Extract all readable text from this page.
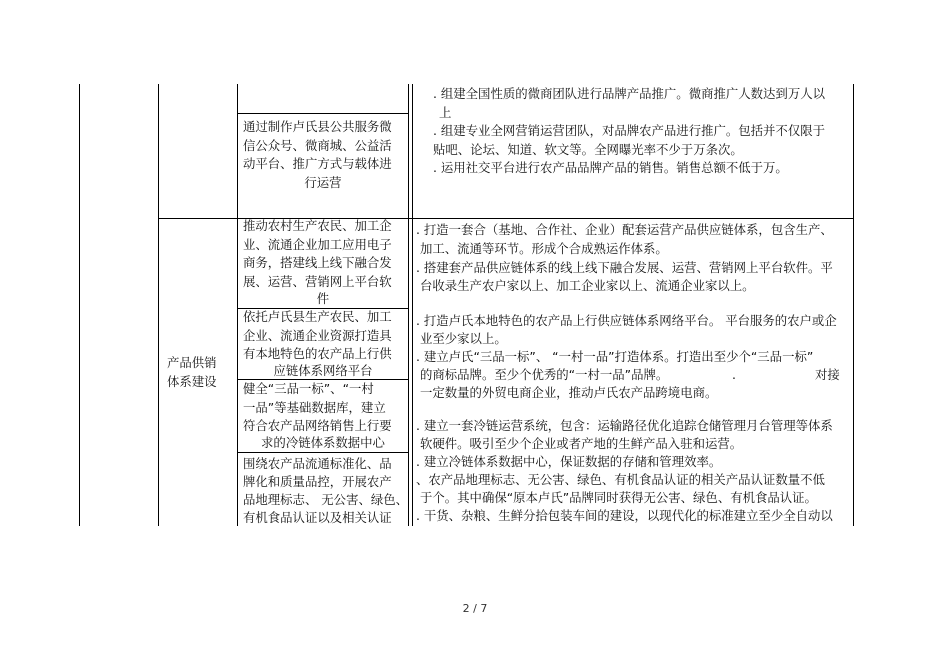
通过制作卢氏县公共服务微
信公众号、微商城、公益活
动平台、推广方式与载体进
行运营
. 组建全国性质的微商团队进行品牌产品推广。微商推广人数达到万人以
上
. 组建专业全网营销运营团队，对品牌农产品进行推广。包括并不仅限于
贴吧、论坛、知道、软文等。全网曝光率不少于万条次。
. 运用社交平台进行农产品品牌产品的销售。销售总额不低于万。
产品供销
体系建设
推动农村生产农民、加工企
业、流通企业加工应用电子
商务，搭建线上线下融合发
展、运营、营销网上平台软
件
依托卢氏县生产农民、加工
企业、流通企业资源打造具
有本地特色的农产品上行供
应链体系网络平台
健全“三品一标”、“一村
一品”等基础数据库，建立
符合农产品网络销售上行要
求的冷链体系数据中心
围绕农产品流通标准化、品
牌化和质量品控，开展农产
品地理标志、 无公害、绿色、
有机食品认证以及相关认证
. 打造一套合（基地、合作社、企业）配套运营产品供应链体系，包含生产、
加工、流通等环节。形成个合成熟运作体系。
. 搭建套产品供应链体系的线上线下融合发展、运营、营销网上平台软件。平
台收录生产农户家以上、加工企业家以上、流通企业家以上。
. 打造卢氏本地特色的农产品上行供应链体系网络平台。 平台服务的农户或企
业至少家以上。
. 建立卢氏“三品一标”、 “一村一品”打造体系。打造出至少个“三品一标”
的商标品牌。至少个优秀的“一村一品”品牌。	.	对接
一定数量的外贸电商企业，推动卢氏农产品跨境电商。
. 建立一套冷链运营系统，包含：运输路径优化追踪仓储管理月台管理等体系
软硬件。吸引至少个企业或者产地的生鲜产品入驻和运营。
. 建立冷链体系数据中心，保证数据的存储和管理效率。
、农产品地理标志、无公害、绿色、有机食品认证的相关产品认证数量不低
于个。其中确保“原本卢氏”品牌同时获得无公害、绿色、有机食品认证。
. 干货、杂粮、生鲜分拾包装车间的建设，以现代化的标准建立至少全自动以
2 / 7
